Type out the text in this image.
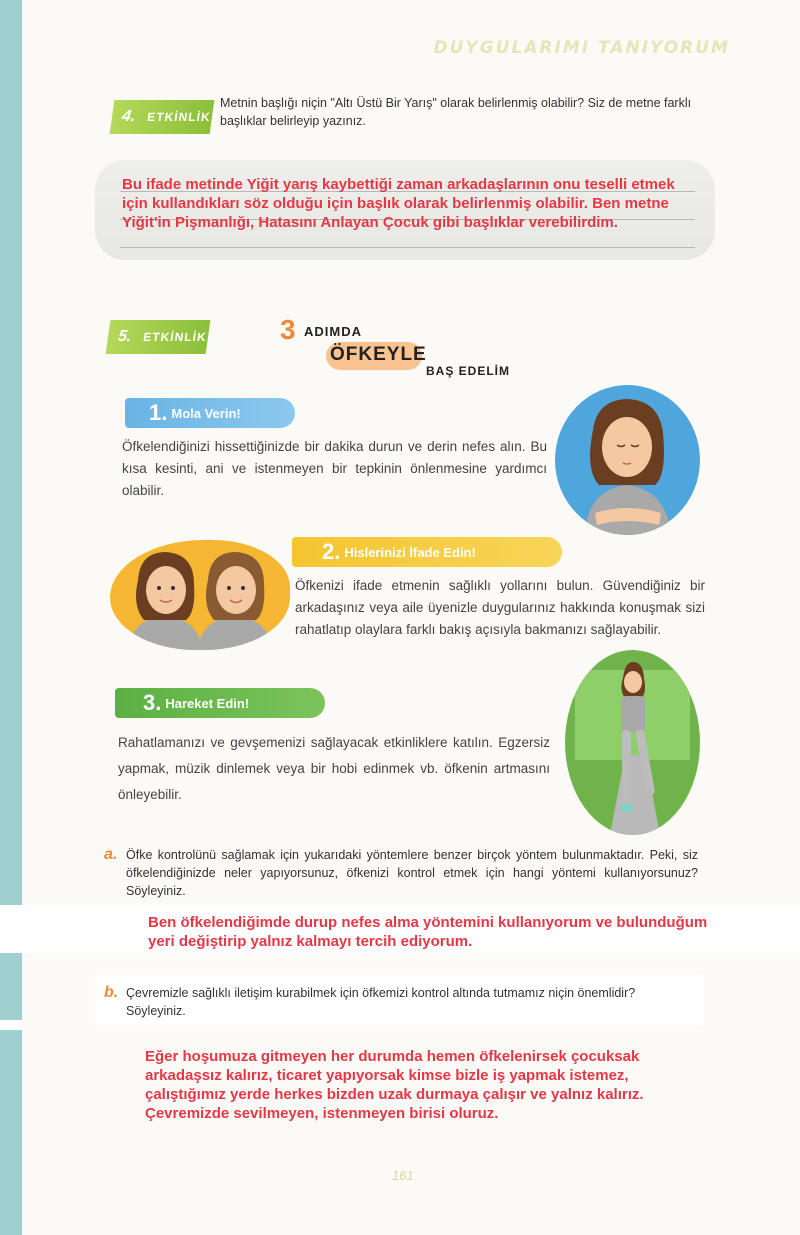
DUYGULARIMI TANIYORUM
4. ETKİNLİK
Metnin başlığı niçin "Altı Üstü Bir Yarış" olarak belirlenmiş olabilir? Siz de metne farklı başlıklar belirleyip yazınız.
Bu ifade metinde Yiğit yarış kaybettiği zaman arkadaşlarının onu teselli etmek için kullandıkları söz olduğu için başlık olarak belirlenmiş olabilir. Ben metne Yiğit'in Pişmanlığı, Hatasını Anlayan Çocuk gibi başlıklar verebilirdim.
5. ETKİNLİK	3 ADIMDA
ÖFKEYLE
BAŞ EDELİM
1. Mola Verin!
Öfkelendiğinizi hissettiğinizde bir dakika durun ve derin nefes alın. Bu kısa kesinti, ani ve istenmeyen bir tepkinin önlenmesine yardımcı olabilir.
2. Hislerinizi İfade Edin!
Öfkenizi ifade etmenin sağlıklı yollarını bulun. Güvendiğiniz bir arkadaşınız veya aile üyenizle duygularınız hakkında konuşmak sizi rahatlatıp olaylara farklı bakış açısıyla bakmanızı sağlayabilir.
3. Hareket Edin!
Rahatlamanızı ve gevşemenizi sağlayacak etkinliklere katılın. Egzersiz yapmak, müzik dinlemek veya bir hobi edinmek vb. öfkenin artmasını önleyebilir.
a. Öfke kontrolünü sağlamak için yukarıdaki yöntemlere benzer birçok yöntem bulunmaktadır. Peki, siz öfkelendiğinizde neler yapıyorsunuz, öfkenizi kontrol etmek için hangi yöntemi kullanıyorsunuz? Söyleyiniz.
Ben öfkelendiğimde durup nefes alma yöntemini kullanıyorum ve bulunduğum yeri değiştirip yalnız kalmayı tercih ediyorum.
b. Çevremizle sağlıklı iletişim kurabilmek için öfkemizi kontrol altında tutmamız niçin önemlidir? Söyleyiniz.
Eğer hoşumuza gitmeyen her durumda hemen öfkelenirsek çocuksak arkadaşsız kalırız, ticaret yapıyorsak kimse bizle iş yapmak istemez, çalıştığımız yerde herkes bizden uzak durmaya çalışır ve yalnız kalırız. Çevremizde sevilmeyen, istenmeyen birisi oluruz.
161
